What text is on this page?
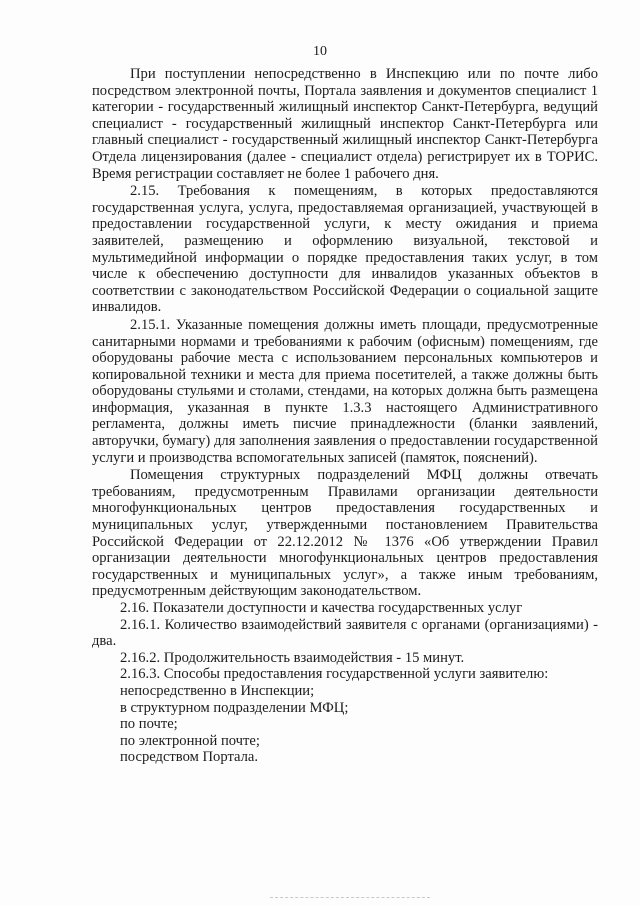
10

При поступлении непосредственно в Инспекцию или по почте либо посредством электронной почты, Портала заявления и документов специалист 1 категории - государственный жилищный инспектор Санкт-Петербурга, ведущий специалист - государственный жилищный инспектор Санкт-Петербурга или главный специалист - государственный жилищный инспектор Санкт-Петербурга Отдела лицензирования (далее - специалист отдела) регистрирует их в ТОРИС. Время регистрации составляет не более 1 рабочего дня.

2.15. Требования к помещениям, в которых предоставляются государственная услуга, услуга, предоставляемая организацией, участвующей в предоставлении государственной услуги, к месту ожидания и приема заявителей, размещению и оформлению визуальной, текстовой и мультимедийной информации о порядке предоставления таких услуг, в том числе к обеспечению доступности для инвалидов указанных объектов в соответствии с законодательством Российской Федерации о социальной защите инвалидов.

2.15.1. Указанные помещения должны иметь площади, предусмотренные санитарными нормами и требованиями к рабочим (офисным) помещениям, где оборудованы рабочие места с использованием персональных компьютеров и копировальной техники и места для приема посетителей, а также должны быть оборудованы стульями и столами, стендами, на которых должна быть размещена информация, указанная в пункте 1.3.3 настоящего Административного регламента, должны иметь писчие принадлежности (бланки заявлений, авторучки, бумагу) для заполнения заявления о предоставлении государственной услуги и производства вспомогательных записей (памяток, пояснений).

Помещения структурных подразделений МФЦ должны отвечать требованиям, предусмотренным Правилами организации деятельности многофункциональных центров предоставления государственных и муниципальных услуг, утвержденными постановлением Правительства Российской Федерации от 22.12.2012 № 1376 «Об утверждении Правил организации деятельности многофункциональных центров предоставления государственных и муниципальных услуг», а также иным требованиям, предусмотренным действующим законодательством.

2.16. Показатели доступности и качества государственных услуг

2.16.1. Количество взаимодействий заявителя с органами (организациями) - два.

2.16.2. Продолжительность взаимодействия - 15 минут.

2.16.3. Способы предоставления государственной услуги заявителю:

непосредственно в Инспекции;

в структурном подразделении МФЦ;

по почте;

по электронной почте;

посредством Портала.
